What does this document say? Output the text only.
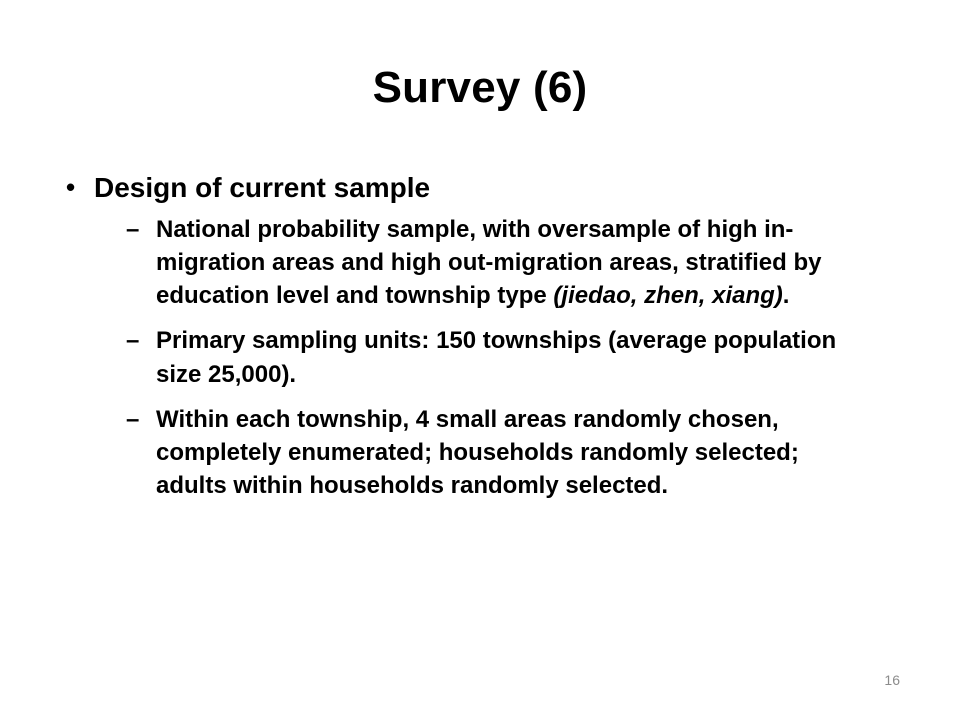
Survey (6)
• Design of current sample
– National probability sample, with oversample of high in-migration areas and high out-migration areas, stratified by education level and township type (jiedao, zhen, xiang).
– Primary sampling units: 150 townships (average population size 25,000).
– Within each township, 4 small areas randomly chosen, completely enumerated; households randomly selected; adults within households randomly selected.
16
